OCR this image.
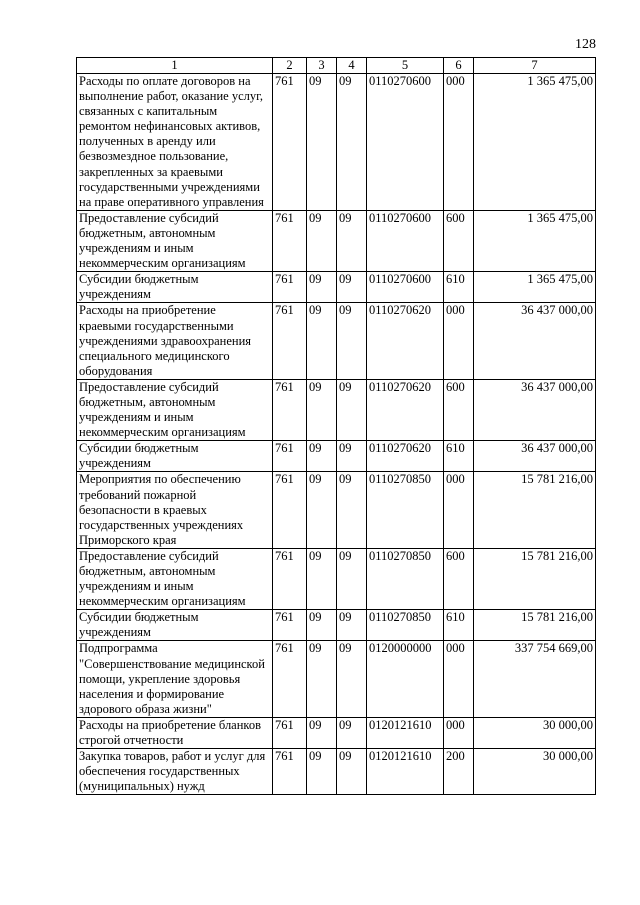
128
1	2	3	4	5	6	7
Расходы по оплате договоров на выполнение работ, оказание услуг, связанных с капитальным ремонтом нефинансовых активов, полученных в аренду или безвозмездное пользование, закрепленных за краевыми государственными учреждениями на праве оперативного управления	761	09	09	0110270600	000	1 365 475,00
Предоставление субсидий бюджетным, автономным учреждениям и иным некоммерческим организациям	761	09	09	0110270600	600	1 365 475,00
Субсидии бюджетным учреждениям	761	09	09	0110270600	610	1 365 475,00
Расходы на приобретение краевыми государственными учреждениями здравоохранения специального медицинского оборудования	761	09	09	0110270620	000	36 437 000,00
Предоставление субсидий бюджетным, автономным учреждениям и иным некоммерческим организациям	761	09	09	0110270620	600	36 437 000,00
Субсидии бюджетным учреждениям	761	09	09	0110270620	610	36 437 000,00
Мероприятия по обеспечению требований пожарной безопасности в краевых государственных учреждениях Приморского края	761	09	09	0110270850	000	15 781 216,00
Предоставление субсидий бюджетным, автономным учреждениям и иным некоммерческим организациям	761	09	09	0110270850	600	15 781 216,00
Субсидии бюджетным учреждениям	761	09	09	0110270850	610	15 781 216,00
Подпрограмма "Совершенствование медицинской помощи, укрепление здоровья населения и формирование здорового образа жизни"	761	09	09	0120000000	000	337 754 669,00
Расходы на приобретение бланков строгой отчетности	761	09	09	0120121610	000	30 000,00
Закупка товаров, работ и услуг для обеспечения государственных (муниципальных) нужд	761	09	09	0120121610	200	30 000,00
